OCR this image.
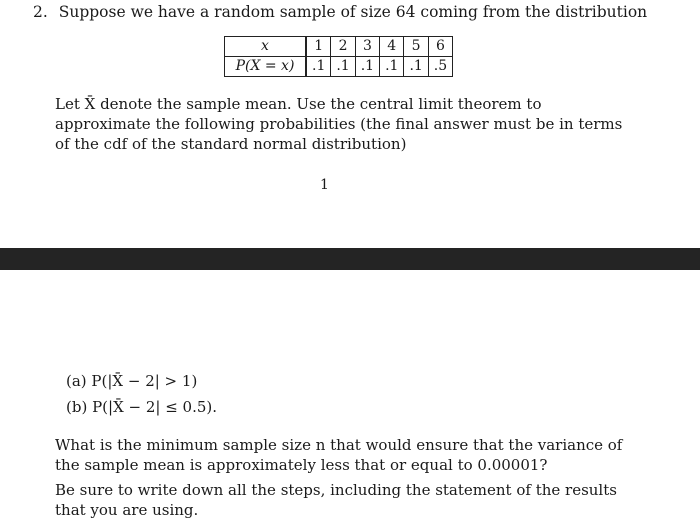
2. Suppose we have a random sample of size 64 coming from the distribution
x	1	2	3	4	5	6
P(X = x)	.1	.1	.1	.1	.1	.5
Let X̄ denote the sample mean. Use the central limit theorem to approximate the following probabilities (the final answer must be in terms of the cdf of the standard normal distribution)
1
(a) P(|X̄ − 2| > 1)
(b) P(|X̄ − 2| ≤ 0.5).
What is the minimum sample size n that would ensure that the variance of the sample mean is approximately less that or equal to 0.00001?
Be sure to write down all the steps, including the statement of the results that you are using.
